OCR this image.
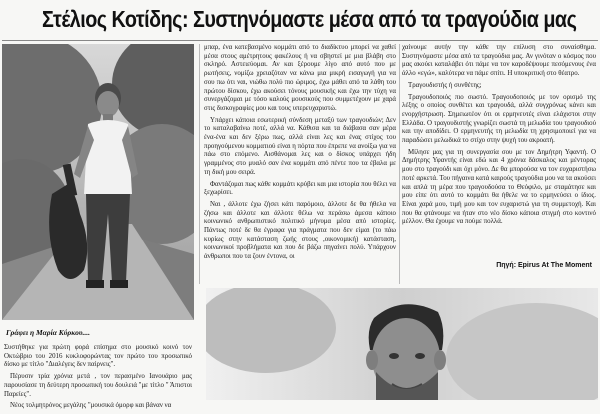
Στέλιος Κοτίδης: Συστηνόμαστε μέσα από τα τραγούδια μας
Γράφει η Μαρία Κύρκου....

Συστήθηκε για πρώτη φορά επίσημα στο μουσικό κοινό τον Οκτώβριο του 2016 κυκλοφορώντας τον πρώτο του προσωπικό δίσκο με τίτλο "Διαλέγεις δεν παίρνεις".

Πέρυσιν τρία χρόνια μετά , τον περασμένο Ιανουάριο μας παρουσίασε τη δεύτερη προσωπική του δουλειά "με τίτλο " Άπιστοι Παρείες".

Νέος τολμητρόνος μεγάλης "μουσικά όμορφ και βάναν να

μπαρ, ένα κατεβασμένο κομμάτι από το διαδίκτυο μπορεί να χαθεί μέσα στους αμέτρητους φακέλους ή να σβηστεί με μια βλάβη στο σκληρό. Αστειεύομαι. Αν και ξέρουμε λίγο από αυτό που με ρωτήσεις, νομίζω χρειαζόταν να κάνω μια μικρή εισαγωγή για να σου πω ότι ναι, νιώθω πολύ πιο ώριμος, έχω μάθει από τα λάθη του πρώτου δίσκου, έχω ακούσει τόνους μουσικής και έχω την τύχη να συνεργάζομαι με τόσο καλούς μουσικούς που συμμετέχουν με χαρά στις δισκογραφίες μου και τους υπερευχαριστώ.

Υπάρχει κάποια εσωτερική σύνδεση μεταξύ των τραγουδιών; Δεν το καταλαβαίνω ποτέ, αλλά να. Κάθισα και τα διάβασα σαν μέρα ένα-ένα και δεν ξέρω πως, αλλά είναι λες και ένας στίχος του προηγούμενου κομματιού είναι η πόρτα που έπρεπε να ανοίξω για να πάω στο επόμενο. Αισθάνομαι λες και ο δίσκος υπάρχει ήδη γραμμένος στο μυαλό σαν ένα κομμάτι από πέντε που τα έβαλα με τη δική μου σειρά.

Φαντάζομαι πως κάθε κομμάτι κρύβει και μια ιστορία που θέλει να ξεχωρίσει.

Ναι , άλλοτε έχω ζήσει κάτι παρόμοιο, άλλοτε δε θα ήθελα να ζήσω και άλλοτε και άλλοτε θέλω να περάσω άμεσα κάποιο κοινωνικό ανθρωπιστικό πολιτικό μήνυμα μέσα από ιστορίες. Πάντως ποτέ δε θα έγραφα για πράγματα που δεν είμαι (το πάω κυρίως στην κατάσταση ζωής στους ,οικονομική) κατάσταση, κοινωνικοί προβλήματα και που δε βάζω πηγαίνει πολύ. Υπάρχουν άνθρωποι που τα ζουν έντονα, οι

χαίνουμε αυτήν την κάθε την επίλυση στο συναίσθημα. Συστηνόμαστε μέσα από τα τραγούδια μας. Αν γινόταν ο κόσμος που μας ακούει καταλάβει ότι πάμε να τον καροδέψουμε πεσόμενους ένα άλλο «εγώ», καλύτερα να πάμε σπίτι. Η υποκριτική στο θέατρο.

Τραγουδιστής ή συνθέτης;

Τραγουδοποιός πιο σωστό. Τραγουδοποιός με τον ορισμό της λέξης ο οποίος συνθέτει και τραγουδά, αλλά συγχρόνως κάνει και ενορχήστρωση. Σημειωτέον ότι οι ερμηνευτές είναι ελάχιστοι στην Ελλάδα. Ο τραγουδιστής γνωρίζει σωστά τη μελωδία του τραγουδιού και την αποδίδει. Ο ερμηνευτής τη μελωδία τη χρησιμοποιεί για να παραδώσει μελωδικά το στίχο στην ψυχή του ακροατή.

Μίλησε μας για τη συνεργασία σου με τον Δημήτρη Υφαντή. Ο Δημήτρης Υφαντής είναι εδώ και 4 χρόνια δάσκαλος και μέντορας μου στο τραγούδι και όχι μόνο. Δε θα μπορούσα να τον ευχαριστήσω ποτέ αρκετά. Του πήγαινα κατά καιρούς τραγούδια μου να τα ακούσει και απλά τη μέρα που τραγουδούσα το Θεόφιλο, με σταμάτησε και μου είπε ότι αυτό το κομμάτι θα ήθελε να το ερμηνεύσει ο ίδιος. Είναι χαρά μου, τιμή μου και τον ευχαριστώ για τη συμμετοχή. Και που θα φτάνουμε να ήταν στο νέο δίσκο κάποια στιγμή στο κοντινό μέλλον. Θα έχουμε να πούμε πολλά.

Πηγή: Epirus At The Moment
